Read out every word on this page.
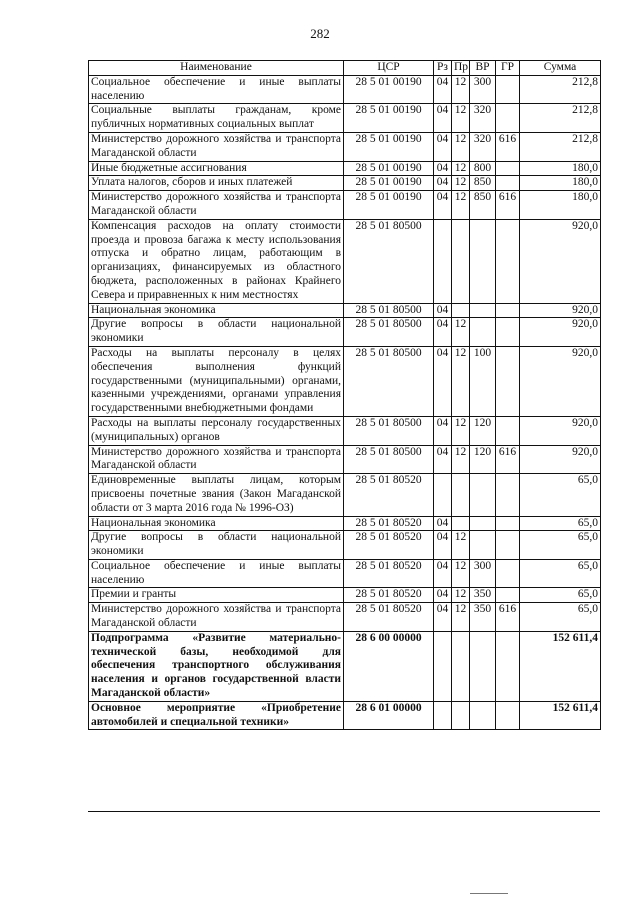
282
Наименование	ЦСР	Рз	Пр	ВР	ГР	Сумма
Социальное обеспечение и иные выплаты населению	28 5 01 00190	04	12	300		212,8
Социальные выплаты гражданам, кроме публичных нормативных социальных выплат	28 5 01 00190	04	12	320		212,8
Министерство дорожного хозяйства и транспорта Магаданской области	28 5 01 00190	04	12	320	616	212,8
Иные бюджетные ассигнования	28 5 01 00190	04	12	800		180,0
Уплата налогов, сборов и иных платежей	28 5 01 00190	04	12	850		180,0
Министерство дорожного хозяйства и транспорта Магаданской области	28 5 01 00190	04	12	850	616	180,0
Компенсация расходов на оплату стоимости проезда и провоза багажа к месту использования отпуска и обратно лицам, работающим в организациях, финансируемых из областного бюджета, расположенных в районах Крайнего Севера и приравненных к ним местностях	28 5 01 80500					920,0
Национальная экономика	28 5 01 80500	04				920,0
Другие вопросы в области национальной экономики	28 5 01 80500	04	12			920,0
Расходы на выплаты персоналу в целях обеспечения выполнения функций государственными (муниципальными) органами, казенными учреждениями, органами управления государственными внебюджетными фондами	28 5 01 80500	04	12	100		920,0
Расходы на выплаты персоналу государственных (муниципальных) органов	28 5 01 80500	04	12	120		920,0
Министерство дорожного хозяйства и транспорта Магаданской области	28 5 01 80500	04	12	120	616	920,0
Единовременные выплаты лицам, которым присвоены почетные звания (Закон Магаданской области от 3 марта 2016 года № 1996-ОЗ)	28 5 01 80520					65,0
Национальная экономика	28 5 01 80520	04				65,0
Другие вопросы в области национальной экономики	28 5 01 80520	04	12			65,0
Социальное обеспечение и иные выплаты населению	28 5 01 80520	04	12	300		65,0
Премии и гранты	28 5 01 80520	04	12	350		65,0
Министерство дорожного хозяйства и транспорта Магаданской области	28 5 01 80520	04	12	350	616	65,0
Подпрограмма «Развитие материально-технической базы, необходимой для обеспечения транспортного обслуживания населения и органов государственной власти Магаданской области»	28 6 00 00000					152 611,4
Основное мероприятие «Приобретение автомобилей и специальной техники»	28 6 01 00000					152 611,4
